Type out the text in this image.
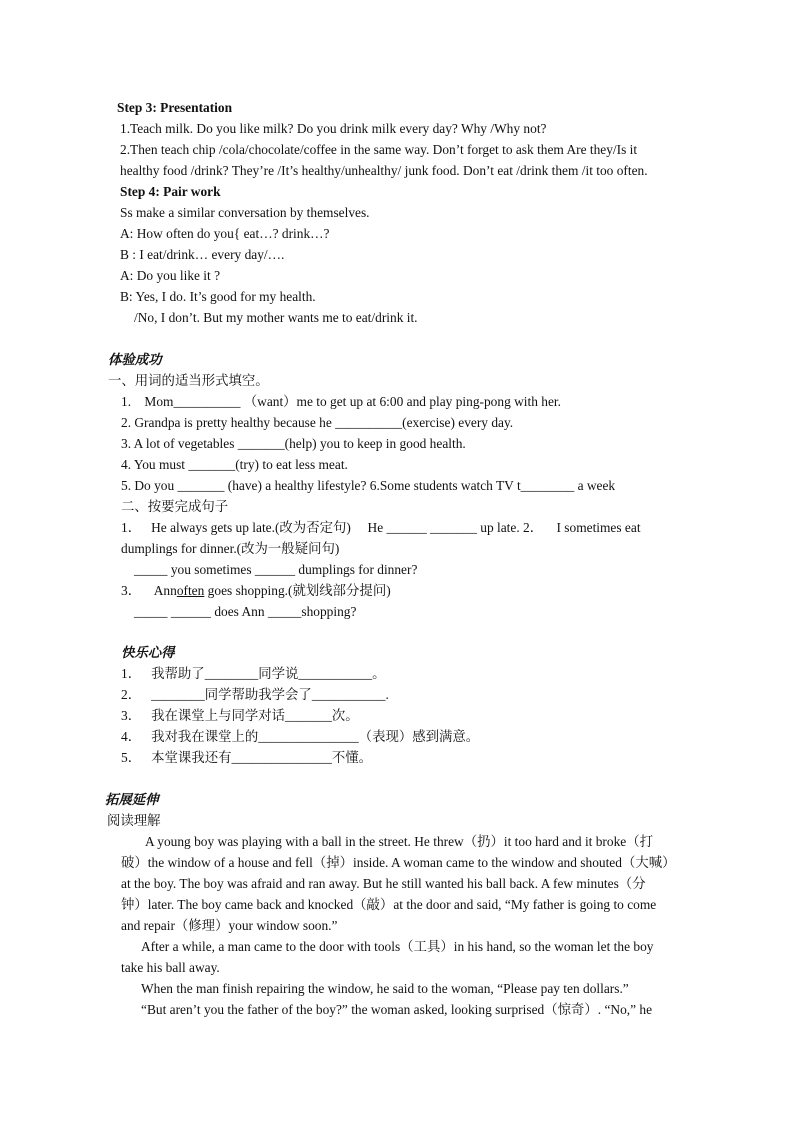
Step 3: Presentation
1.Teach milk. Do you like milk? Do you drink milk every day? Why /Why not?
2.Then teach chip /cola/chocolate/coffee in the same way. Don’t forget to ask them Are they/Is it
healthy food /drink? They’re /It’s healthy/unhealthy/ junk food. Don’t eat /drink them /it too often.
Step 4: Pair work
Ss make a similar conversation by themselves.
A: How often do you{ eat…? drink…?
B : I eat/drink… every day/….
A: Do you like it ?
B: Yes, I do. It’s good for my health.
/No, I don’t. But my mother wants me to eat/drink it.
体验成功
一、用词的适当形式填空。
1.    Mom__________ （want）me to get up at 6:00 and play ping-pong with her.
2. Grandpa is pretty healthy because he __________(exercise) every day.
3. A lot of vegetables _______(help) you to keep in good health.
4. You must _______(try) to eat less meat.
5. Do you _______ (have) a healthy lifestyle? 6.Some students watch TV t________ a week
二、按要完成句子
1．   He always gets up late.(改为否定句)     He ______ _______ up late. 2．    I sometimes eat
dumplings for dinner.(改为一般疑问句)
_____ you sometimes ______ dumplings for dinner?
3．    Annoften goes shopping.(就划线部分提问)
_____ ______ does Ann _____shopping?
快乐心得
1．   我帮助了________同学说___________。
2．   ________同学帮助我学会了___________.
3．   我在课堂上与同学对话_______次。
4．   我对我在课堂上的_______________（表现）感到满意。
5．   本堂课我还有_______________不懂。
拓展延伸
阅读理解
A young boy was playing with a ball in the street. He threw（扔）it too hard and it broke（打
破）the window of a house and fell（掉）inside. A woman came to the window and shouted（大喊）
at the boy. The boy was afraid and ran away. But he still wanted his ball back. A few minutes（分
钟）later. The boy came back and knocked（敲）at the door and said, “My father is going to come
and repair（修理）your window soon.”
After a while, a man came to the door with tools（工具）in his hand, so the woman let the boy
take his ball away.
When the man finish repairing the window, he said to the woman, “Please pay ten dollars.”
“But aren’t you the father of the boy?” the woman asked, looking surprised（惊奇）. “No,” he
